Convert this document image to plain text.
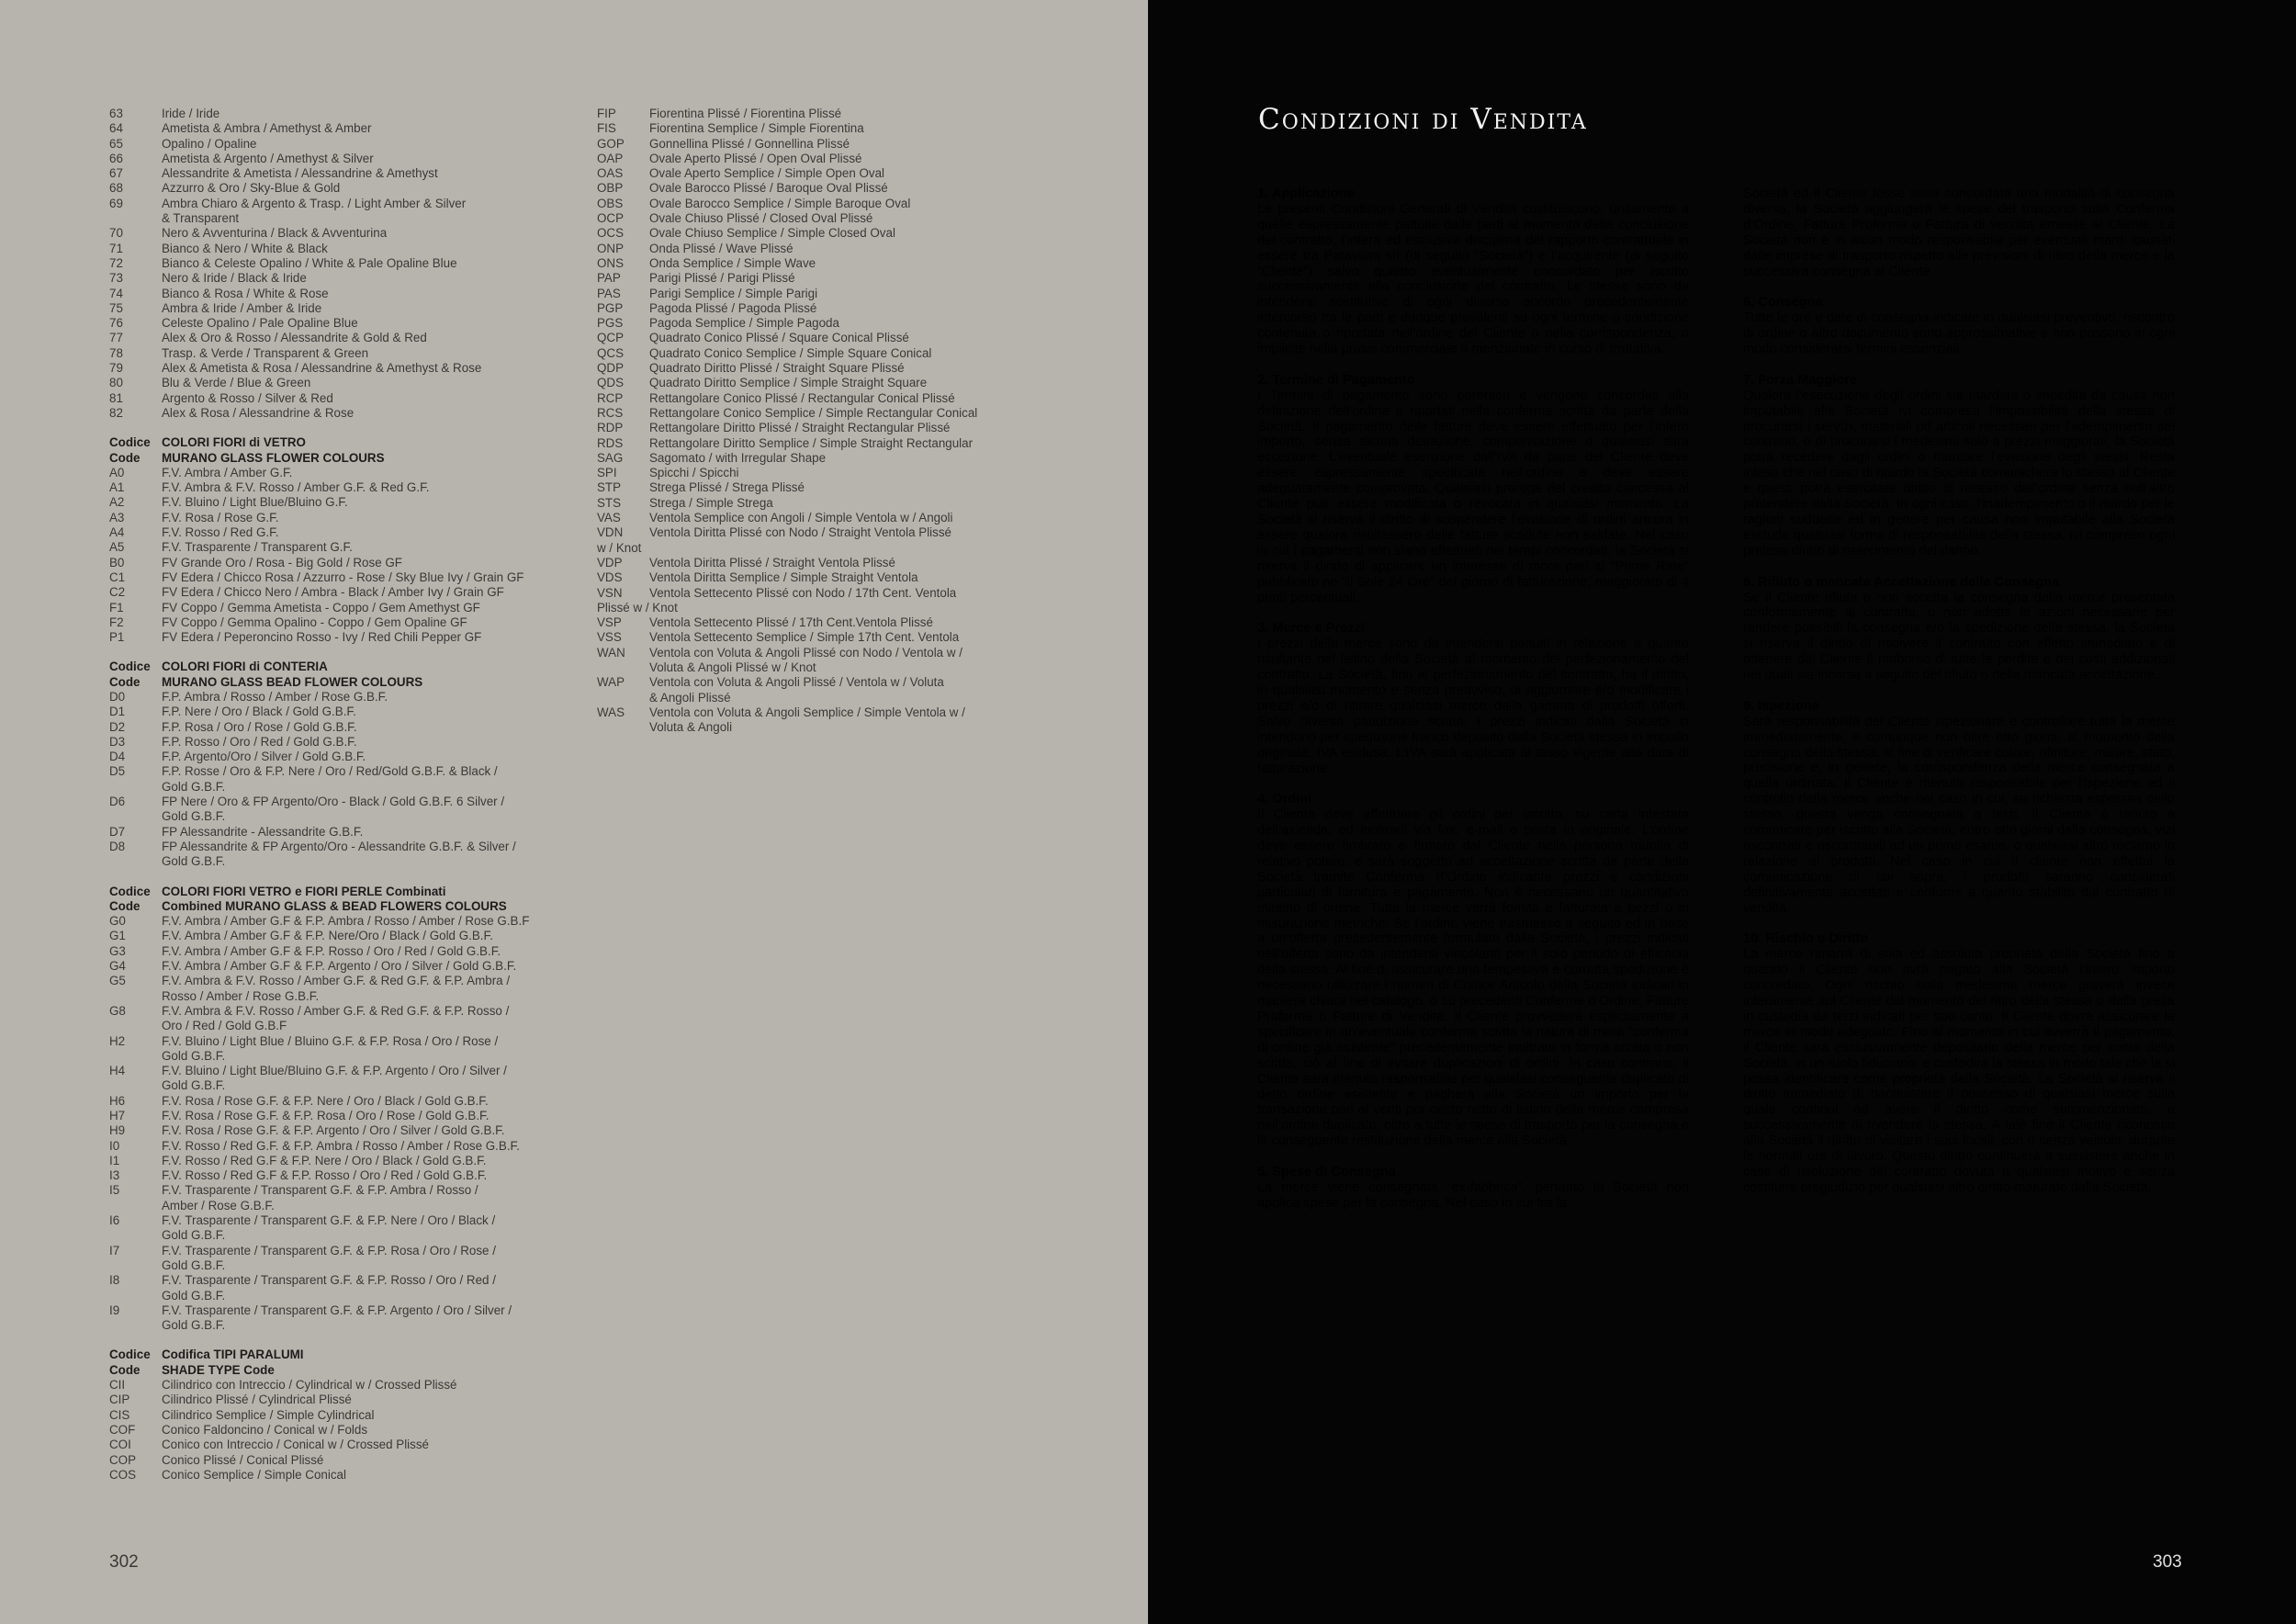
63	Iride / Iride
64	Ametista & Ambra / Amethyst & Amber
65	Opalino / Opaline
66	Ametista & Argento / Amethyst & Silver
67	Alessandrite & Ametista / Alessandrine & Amethyst
68	Azzurro & Oro / Sky-Blue & Gold
69	Ambra Chiaro & Argento & Trasp. / Light Amber & Silver
& Transparent
70	Nero & Avventurina / Black & Avventurina
71	Bianco & Nero / White & Black
72	Bianco & Celeste Opalino / White & Pale Opaline Blue
73	Nero & Iride / Black & Iride
74	Bianco & Rosa / White & Rose
75	Ambra & Iride / Amber & Iride
76	Celeste Opalino / Pale Opaline Blue
77	Alex & Oro & Rosso / Alessandrite & Gold & Red
78	Trasp. & Verde / Transparent & Green
79	Alex & Ametista & Rosa / Alessandrine & Amethyst & Rose
80	Blu & Verde / Blue & Green
81	Argento & Rosso / Silver & Red
82	Alex & Rosa / Alessandrine & Rose
Codice COLORI FIORI di VETRO
Code	MURANO GLASS FLOWER COLOURS
A0	F.V. Ambra / Amber G.F.
A1	F.V. Ambra & F.V. Rosso / Amber G.F. & Red G.F.
A2	F.V. Bluino / Light Blue/Bluino G.F.
A3	F.V. Rosa / Rose G.F.
A4	F.V. Rosso / Red G.F.
A5	F.V. Trasparente / Transparent G.F.
B0	FV Grande Oro / Rosa - Big Gold / Rose GF
C1	FV Edera / Chicco Rosa / Azzurro - Rose / Sky Blue Ivy / Grain GF
C2	FV Edera / Chicco Nero / Ambra - Black / Amber Ivy / Grain GF
F1	FV Coppo / Gemma Ametista - Coppo / Gem Amethyst GF
F2	FV Coppo / Gemma Opalino - Coppo / Gem Opaline GF
P1	FV Edera / Peperoncino Rosso - Ivy / Red Chili Pepper GF
Codice COLORI FIORI di CONTERIA
Code	MURANO GLASS BEAD FLOWER COLOURS
D0	F.P. Ambra / Rosso / Amber / Rose G.B.F.
D1	F.P. Nere / Oro / Black / Gold G.B.F.
D2	F.P. Rosa / Oro / Rose / Gold G.B.F.
D3	F.P. Rosso / Oro / Red / Gold G.B.F.
D4	F.P. Argento/Oro / Silver / Gold G.B.F.
D5	F.P. Rosse / Oro & F.P. Nere / Oro / Red/Gold G.B.F. & Black /
Gold G.B.F.
D6	FP Nere / Oro & FP Argento/Oro - Black / Gold G.B.F. 6 Silver /
Gold G.B.F.
D7	FP Alessandrite - Alessandrite G.B.F.
D8	FP Alessandrite & FP Argento/Oro - Alessandrite G.B.F. & Silver /
Gold G.B.F.
Codice COLORI FIORI VETRO e FIORI PERLE Combinati
Code	Combined MURANO GLASS & BEAD FLOWERS COLOURS
G0	F.V. Ambra / Amber G.F & F.P. Ambra / Rosso / Amber / Rose G.B.F
G1	F.V. Ambra / Amber G.F & F.P. Nere/Oro / Black / Gold G.B.F.
G3	F.V. Ambra / Amber G.F & F.P. Rosso / Oro / Red / Gold G.B.F.
G4	F.V. Ambra / Amber G.F & F.P. Argento / Oro / Silver / Gold G.B.F.
G5	F.V. Ambra & F.V. Rosso / Amber G.F. & Red G.F. & F.P. Ambra /
Rosso / Amber / Rose G.B.F.
G8	F.V. Ambra & F.V. Rosso / Amber G.F. & Red G.F. & F.P. Rosso /
Oro / Red / Gold G.B.F
H2	F.V. Bluino / Light Blue / Bluino G.F. & F.P. Rosa / Oro / Rose /
Gold G.B.F.
H4	F.V. Bluino / Light Blue/Bluino G.F. & F.P. Argento / Oro / Silver /
Gold G.B.F.
H6	F.V. Rosa / Rose G.F. & F.P. Nere / Oro / Black / Gold G.B.F.
H7	F.V. Rosa / Rose G.F. & F.P. Rosa / Oro / Rose / Gold G.B.F.
H9	F.V. Rosa / Rose G.F. & F.P. Argento / Oro / Silver / Gold G.B.F.
I0	F.V. Rosso / Red G.F. & F.P. Ambra / Rosso / Amber / Rose G.B.F.
I1	F.V. Rosso / Red G.F & F.P. Nere / Oro / Black / Gold G.B.F.
I3	F.V. Rosso / Red G.F & F.P. Rosso / Oro / Red / Gold G.B.F.
I5	F.V. Trasparente / Transparent G.F. & F.P. Ambra / Rosso /
Amber / Rose G.B.F.
I6	F.V. Trasparente / Transparent G.F. & F.P. Nere / Oro / Black /
Gold G.B.F.
I7	F.V. Trasparente / Transparent G.F. & F.P. Rosa / Oro / Rose /
Gold G.B.F.
I8	F.V. Trasparente / Transparent G.F. & F.P. Rosso / Oro / Red /
Gold G.B.F.
I9	F.V. Trasparente / Transparent G.F. & F.P. Argento / Oro / Silver /
Gold G.B.F.
Codice Codifica TIPI PARALUMI
Code	SHADE TYPE Code
CII	Cilindrico con Intreccio / Cylindrical w / Crossed Plissé
CIP	Cilindrico Plissé / Cylindrical Plissé
CIS	Cilindrico Semplice / Simple Cylindrical
COF	Conico Faldoncino / Conical w / Folds
COI	Conico con Intreccio / Conical w / Crossed Plissé
COP	Conico Plissé / Conical Plissé
COS	Conico Semplice / Simple Conical
FIP	Fiorentina Plissé / Fiorentina Plissé
FIS	Fiorentina Semplice / Simple Fiorentina
GOP	Gonnellina Plissé / Gonnellina Plissé
OAP	Ovale Aperto Plissé / Open Oval Plissé
OAS	Ovale Aperto Semplice / Simple Open Oval
OBP	Ovale Barocco Plissé / Baroque Oval Plissé
OBS	Ovale Barocco Semplice / Simple Baroque Oval
OCP	Ovale Chiuso Plissé / Closed Oval Plissé
OCS	Ovale Chiuso Semplice / Simple Closed Oval
ONP	Onda Plissé / Wave Plissé
ONS	Onda Semplice / Simple Wave
PAP	Parigi Plissé / Parigi Plissé
PAS	Parigi Semplice / Simple Parigi
PGP	Pagoda Plissé / Pagoda Plissé
PGS	Pagoda Semplice / Simple Pagoda
QCP	Quadrato Conico Plissé / Square Conical Plissé
QCS	Quadrato Conico Semplice / Simple Square Conical
QDP	Quadrato Diritto Plissé / Straight Square Plissé
QDS	Quadrato Diritto Semplice / Simple Straight Square
RCP	Rettangolare Conico Plissé / Rectangular Conical Plissé
RCS	Rettangolare Conico Semplice / Simple Rectangular Conical
RDP	Rettangolare Diritto Plissé / Straight Rectangular Plissé
RDS	Rettangolare Diritto Semplice / Simple Straight Rectangular
SAG	Sagomato / with Irregular Shape
SPI	Spicchi / Spicchi
STP	Strega Plissé / Strega Plissé
STS	Strega / Simple Strega
VAS	Ventola Semplice con Angoli / Simple Ventola w / Angoli
VDN	Ventola Diritta Plissé con Nodo / Straight Ventola Plissé
w / Knot
VDP	Ventola Diritta Plissé / Straight Ventola Plissé
VDS	Ventola Diritta Semplice / Simple Straight Ventola
VSN	Ventola Settecento Plissé con Nodo / 17th Cent. Ventola
Plissé w / Knot
VSP	Ventola Settecento Plissé / 17th Cent.Ventola Plissé
VSS	Ventola Settecento Semplice / Simple 17th Cent. Ventola
WAN	Ventola con Voluta & Angoli Plissé con Nodo / Ventola w /
Voluta & Angoli Plissé w / Knot
WAP	Ventola con Voluta & Angoli Plissé / Ventola w / Voluta
& Angoli Plissé
WAS	Ventola con Voluta & Angoli Semplice / Simple Ventola w /
Voluta & Angoli
302
Condizioni di Vendita
1. Applicazione

Le presenti Condizioni Generali di Vendita costituiscono, unitamente a quelle espressamente pattuite dalle parti al momento della conclusione del contratto, l’intera ed esclusiva disciplina del rapporto contrattuale in essere tra Patavium srl (di seguito “Società”) e l’acquirente (di seguito “Cliente”) salvo quanto eventualmente concordato per iscritto successivamente alla conclusione del contratto. Le stesse sono da intendersi sostitutive di ogni diverso accordo precedentemente intercorso fra le parti e dunque prevalenti su ogni termine o condizione contenuta o riportata nell’ordine del Cliente o nella corrispondenza, o implicite nella prassi commerciale o menzionate in corso di trattativa.

2. Termine di Pagamento

I Termini di pagamento sono perentori e vengono concordati alla definizione dell’ordine e riportati nella conferma scritta da parte della Società. Il pagamento delle fatture deve essere effettuato per l’intero importo, senza alcuna detrazione, compensazione o qualsiasi altra eccezione. L’eventuale esenzione dall’IVA da parte del Cliente deve essere espressamente specificata nell’ordine e deve essere adeguatamente comprovata. Qualsiasi proroga del credito concessa al Cliente può essere modificata o revocata in qualsiasi momento. La Società si riserva il diritto di sospendere l’evasione di ordini ancora in essere qualora risultassero delle fatture scadute non saldate. Nel caso in cui i pagamenti non siano effettuati nei tempi concordati, la Società si riserva il diritto di applicare un interesse di mora pari al “Prime Rate” pubblicato ne “Il Sole 24 Ore” del giorno di fatturazione, maggiorato di 4 punti percentuali.

3. Merce e Prezzi

I prezzi della merce sono da intendersi pattuiti in relazione a quanto risultante nel listino della Società al momento del perfezionamento del contratto. La Società, fino al perfezionamento del contratto, ha il diritto, in qualsiasi momento e senza preavviso, di aggiornare e/o modificare i prezzi e/o di ritirare qualsiasi merce dalla gamma di prodotti offerti. Salvo diversa pattuizione scritta, i prezzi indicati dalla Società si intendono per spedizione franco deposito della Società stessa in imballo originale, IVA esclusa. L’IVA sarà applicata al tasso vigente alla data di fatturazione.

4. Ordini

Il Cliente deve effettuare gli ordini per iscritto, su carta intestata dell’azienda, ed inoltrarli via fax, e-mail o posta in originale. L’ordine deve essere timbrato e firmato dal Cliente nella persona munita di relativo potere, e sarà soggetto ad accettazione scritta da parte della Società tramite Conferma d’Ordine indicante prezzi e condizioni particolari di fornitura e pagamento. Non è necessario un quantitativo minimo di ordine. Tutta la merce verrà fornita e fatturata a pezzi o in misurazione metriche. Se l’ordine viene trasmesso a seguito ed in base a un’offerta precedentemente formulata dalla Società, i prezzi indicati nell’offerta sono da intendersi vincolanti per il solo periodo di efficacia della stessa. Al fine di assicurare una tempestiva e corretta spedizione è necessario utilizzare i numeri di Codice Articolo della Società indicati in maniera chiara nel catalogo, o su precedenti Conferme d’Ordine, Fatture Proforma o Fatture di Vendita. Il Cliente provvederà esplicitamente a specificare in un’eventuale conferma scritta la natura di mera “conferma di ordine già esistente” precedentemente inoltrato in forma scritta o non scritta, ciò al fine di evitare duplicazioni di ordini. In caso contrario, il Cliente sarà ritenuto responsabile per qualsiasi conseguente duplicato di detto ordine esistente e pagherà alla Società un importo per la transazione pari al venti per cento netto di listino della merce compresa nell’ordine duplicato, oltre a tutte le spese di trasporto per la consegna e la conseguente restituzione della merce alla Società.

5. Spese di Consegna

La merce viene consegnata “ex-fabbrica”, pertanto la Società non applica spese per la consegna. Nel caso in cui tra la

Società ed il Cliente fosse stata concordata una modalità di consegna diversa, la Società aggiungerà le spese del trasporto sulla Conferma d’Ordine, Fattura Proforma o Fattura di vendita emesse al Cliente. La Società non è in alcun modo responsabile per eventuali ritardi causati dalle imprese di trasporto rispetto alle previsioni di ritiro della merce e la successiva consegna al Cliente.

6. Consegna

Tutte le ore e date di consegna indicate in qualsiasi preventivo, riscontro di ordine o altro documento sono approssimative e non possono in ogni modo considerarsi termini essenziali.

7. Forza Maggiore

Qualora l’esecuzione degli ordini sia ritardata o impedita da causa non imputabile alla Società ivi compresa l’impossibilità della stessa di procurarsi i servizi, materiali od articoli necessari per l’adempimento del contratto, o di procurarsi i medesimi solo a prezzi maggiorati, la Società potrà recedere dagli ordini o ritardare l’evasione degli stessi. Resta inteso che nel caso di ritardo la Società comunicherà lo stesso al Cliente e questi potrà esercitare diritto di recesso dall’ordine senza null’altro pretendere dalla Società. In ogni caso, l’inadempimento o il ritardo per le ragioni suddette ed in genere per causa non imputabile alla Società esclude qualsiasi forma di responsabilità della stessa, ivi compreso ogni preteso diritto di risarcimento del danno.

8. Rifiuto o mancata Accettazione della Consegna

Se il Cliente rifiuta o non accetta la consegna della merce presentata conformemente al contratto, o non adotta le azioni necessarie per rendere possibili la consegna e/o la spedizione della stessa, la Società si riserva il diritto di risolvere il contratto con effetto immediato e di ottenere dal Cliente il rimborso di tutte le perdite e dei costi addizionali nei quali sia incorsa a seguito del rifiuto o della mancata accettazione.

9. Ispezione

Sarà responsabilità del Cliente ispezionare e controllare tutta la merce immediatamente, e comunque non oltre otto giorni, al momento della consegna della stessa, al fine di verificare colore, rifiniture, misure, stato, precisione e, in genere, la corrispondenza della merce consegnata a quella ordinata. Il Cliente è ritenuto responsabile per l’ispezione ed il controllo della merce anche nel caso in cui, su richiesta espressa dello stesso, questa venga consegnata a terzi. Il Cliente è tenuto a comunicare per iscritto alla Società, entro otto giorni dalla consegna, vizi riscontrati e riscontrabili ad un primo esame, o qualsiasi altro reclamo in relazione ai prodotti. Nel caso in cui il cliente non effettui la comunicazione di cui sopra, i prodotti saranno considerati definitivamente accettati e conformi a quanto stabilito dal contratto di vendita.

10. Rischio e Diritto

La merce rimarrà di sola ed assoluta proprietà della Società fino a quando il Cliente non avrà pagato alla Società l’intero importo concordato. Ogni rischio sulla medesima merce graverà invece interamente sul Cliente dal momento del ritiro della stessa o dalla presa in custodia da terzi indicati per suo conto. Il Cliente dovrà assicurare la merce in modo adeguato. Fino al momento in cui avverrà il pagamento, il Cliente sarà esclusivamente depositario della merce per conto della Società, in un ruolo fiduciario, e custodirà la stessa in modo tale che la si possa identificare come proprietà della Società. La Società si riserva il diritto immediato di riacquistare il possesso di qualsiasi merce sulla quale continui ad avere il diritto come summenzionato, e successivamente di rivendere la stessa. A tale fine il Cliente riconosce alla Società il diritto di visitare i suoi locali, con o senza veicolo, durante le normali ore di lavoro. Questo diritto continuerà a sussistere anche in caso di risoluzione del contratto dovuta a qualsiasi motivo e senza costituire pregiudizio per qualsiasi altro diritto maturato dalla Società.

303
